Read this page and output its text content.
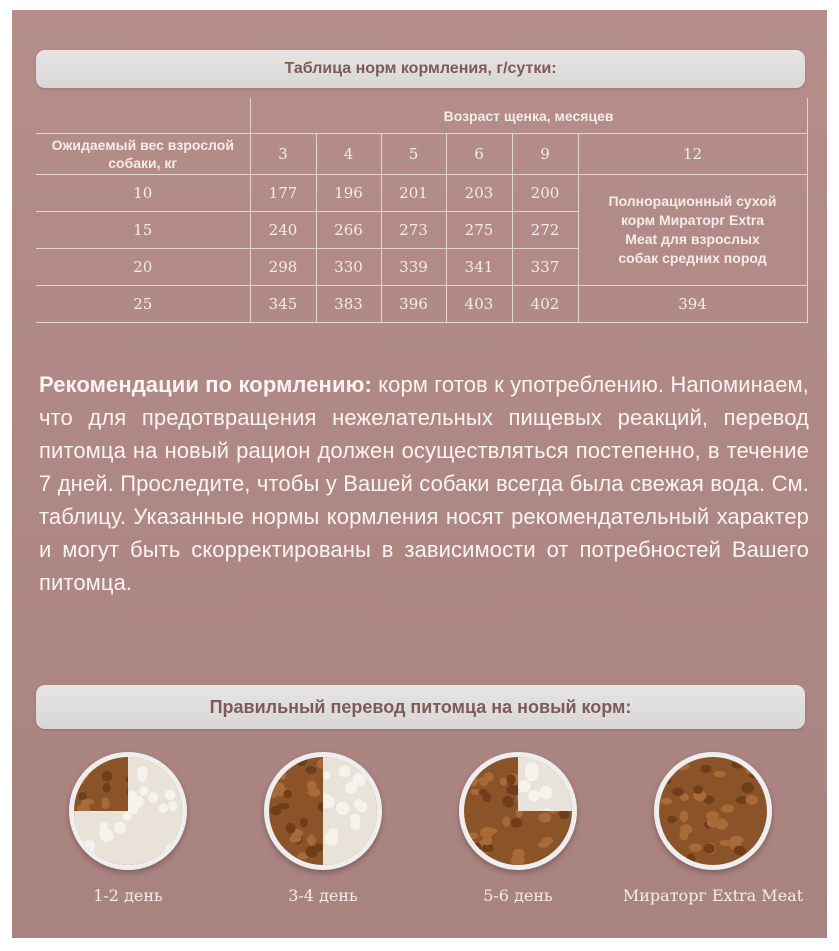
Таблица норм кормления, г/сутки:
	Возраст щенка, месяцев					
Ожидаемый вес взрослой собаки, кг	3	4	5	6	9	12
10	177	196	201	203	200	Полнорационный сухой корм Мираторг Extra Meat для взрослых собак средних пород

15	240	266	273	275	272	
20	298	330	339	341	337	
25	345	383	396	403	402	394

Рекомендации по кормлению: корм готов к употреблению. Напоминаем, что для предотвращения нежелательных пищевых реакций, перевод питомца на новый рацион должен осуществляться постепенно, в течение 7 дней. Проследите, чтобы у Вашей собаки всегда была свежая вода. См. таблицу. Указанные нормы кормления носят рекомендательный характер и могут быть скорректированы в зависимости от потребностей Вашего питомца.

Правильный перевод питомца на новый корм:
1-2 день	3-4 день	5-6 день	Мираторг Extra Meat
